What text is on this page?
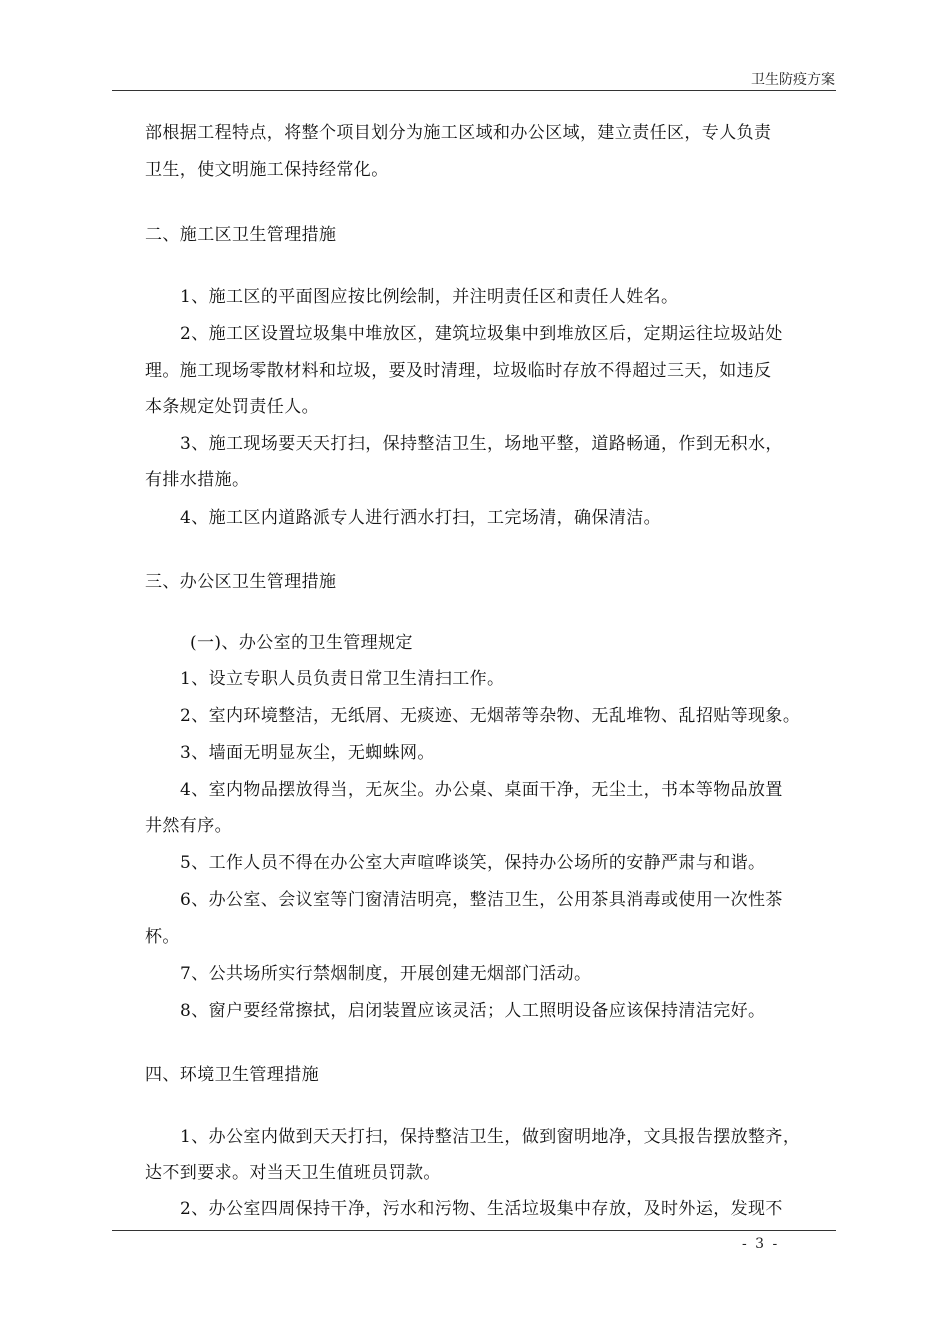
卫生防疫方案
部根据工程特点，将整个项目划分为施工区域和办公区域，建立责任区，专人负责
卫生，使文明施工保持经常化。
二、施工区卫生管理措施
1、施工区的平面图应按比例绘制，并注明责任区和责任人姓名。
2、施工区设置垃圾集中堆放区，建筑垃圾集中到堆放区后，定期运往垃圾站处
理。施工现场零散材料和垃圾，要及时清理，垃圾临时存放不得超过三天，如违反
本条规定处罚责任人。
3、施工现场要天天打扫，保持整洁卫生，场地平整，道路畅通，作到无积水，
有排水措施。
4、施工区内道路派专人进行洒水打扫，工完场清，确保清洁。
三、办公区卫生管理措施
(一)、办公室的卫生管理规定
1、设立专职人员负责日常卫生清扫工作。
2、室内环境整洁，无纸屑、无痰迹、无烟蒂等杂物、无乱堆物、乱招贴等现象。
3、墙面无明显灰尘，无蜘蛛网。
4、室内物品摆放得当，无灰尘。办公桌、桌面干净，无尘土，书本等物品放置
井然有序。
5、工作人员不得在办公室大声喧哗谈笑，保持办公场所的安静严肃与和谐。
6、办公室、会议室等门窗清洁明亮，整洁卫生，公用茶具消毒或使用一次性茶
杯。
7、公共场所实行禁烟制度，开展创建无烟部门活动。
8、窗户要经常擦拭，启闭装置应该灵活；人工照明设备应该保持清洁完好。
四、环境卫生管理措施
1、办公室内做到天天打扫，保持整洁卫生，做到窗明地净，文具报告摆放整齐，
达不到要求。对当天卫生值班员罚款。
2、办公室四周保持干净，污水和污物、生活垃圾集中存放，及时外运，发现不
- 3 -
